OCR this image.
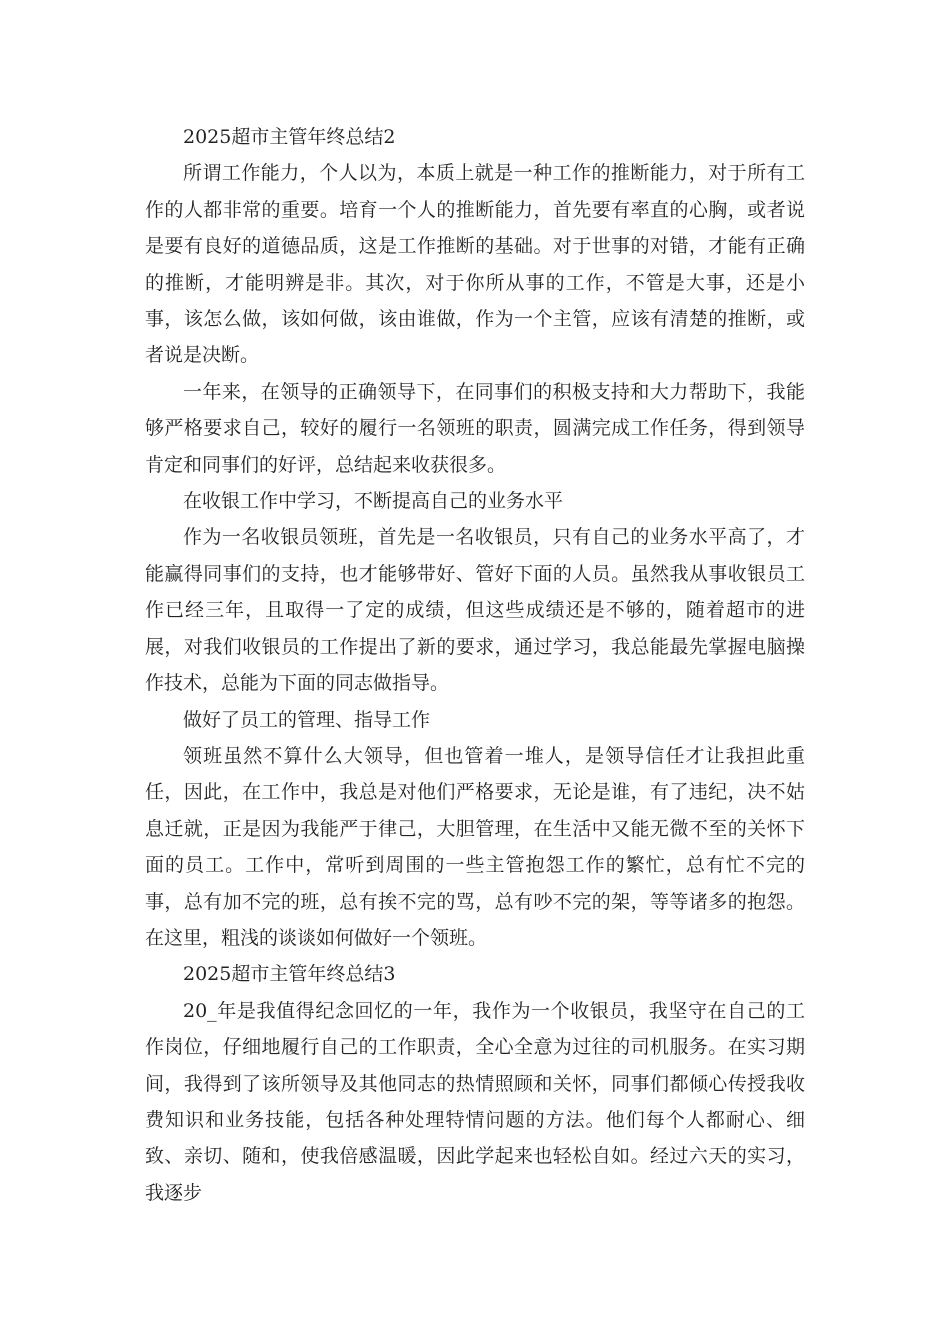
2025超市主管年终总结2

所谓工作能力，个人以为，本质上就是一种工作的推断能力，对于所有工作的人都非常的重要。培育一个人的推断能力，首先要有率直的心胸，或者说是要有良好的道德品质，这是工作推断的基础。对于世事的对错，才能有正确的推断，才能明辨是非。其次，对于你所从事的工作，不管是大事，还是小事，该怎么做，该如何做，该由谁做，作为一个主管，应该有清楚的推断，或者说是决断。

一年来，在领导的正确领导下，在同事们的积极支持和大力帮助下，我能够严格要求自己，较好的履行一名领班的职责，圆满完成工作任务，得到领导肯定和同事们的好评，总结起来收获很多。

在收银工作中学习，不断提高自己的业务水平

作为一名收银员领班，首先是一名收银员，只有自己的业务水平高了，才能赢得同事们的支持，也才能够带好、管好下面的人员。虽然我从事收银员工作已经三年，且取得一了定的成绩，但这些成绩还是不够的，随着超市的进展，对我们收银员的工作提出了新的要求，通过学习，我总能最先掌握电脑操作技术，总能为下面的同志做指导。

做好了员工的管理、指导工作

领班虽然不算什么大领导，但也管着一堆人，是领导信任才让我担此重任，因此，在工作中，我总是对他们严格要求，无论是谁，有了违纪，决不姑息迁就，正是因为我能严于律己，大胆管理，在生活中又能无微不至的关怀下面的员工。工作中，常听到周围的一些主管抱怨工作的繁忙，总有忙不完的事，总有加不完的班，总有挨不完的骂，总有吵不完的架，等等诸多的抱怨。在这里，粗浅的谈谈如何做好一个领班。

2025超市主管年终总结3

20_年是我值得纪念回忆的一年，我作为一个收银员，我坚守在自己的工作岗位，仔细地履行自己的工作职责，全心全意为过往的司机服务。在实习期间，我得到了该所领导及其他同志的热情照顾和关怀，同事们都倾心传授我收费知识和业务技能，包括各种处理特情问题的方法。他们每个人都耐心、细致、亲切、随和，使我倍感温暖，因此学起来也轻松自如。经过六天的实习，我逐步
